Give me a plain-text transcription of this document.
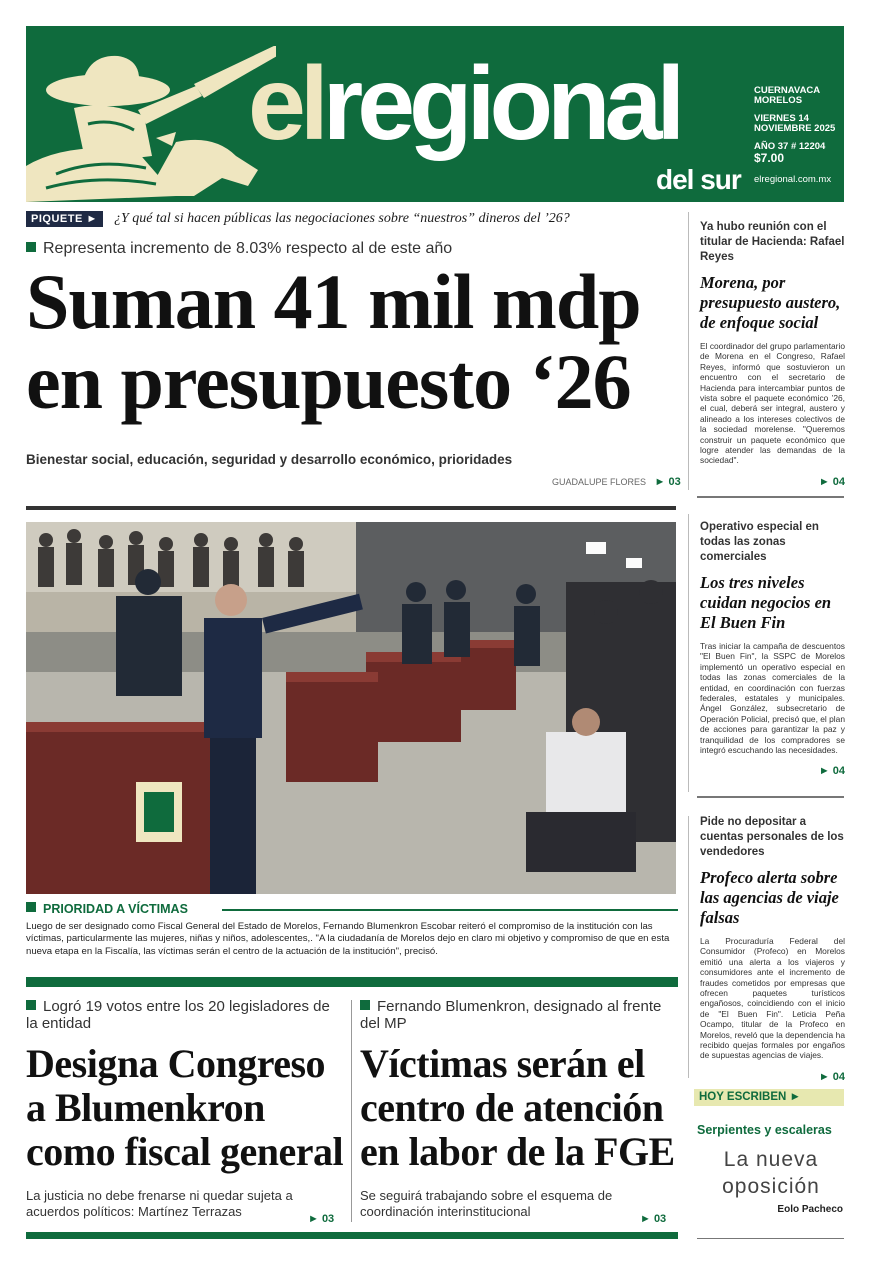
elregional
del sur
CUERNAVACA
MORELOS
VIERNES 14
NOVIEMBRE 2025
AÑO 37 # 12204
$7.00
elregional.com.mx
PIQUETE ►	¿Y qué tal si hacen públicas las negociaciones sobre “nuestros” dineros del ’26?
Representa incremento de 8.03% respecto al de este año
Suman 41 mil mdp
en presupuesto ‘26
Bienestar social, educación, seguridad y desarrollo económico, prioridades
GUADALUPE FLORES ► 03
PRIORIDAD A VÍCTIMAS
Luego de ser designado como Fiscal General del Estado de Morelos, Fernando Blumenkron Escobar reiteró el compromiso de la institución con las víctimas, particularmente las mujeres, niñas y niños, adolescentes,. "A la ciudadanía de Morelos dejo en claro mi objetivo y compromiso de que en esta nueva etapa en la Fiscalía, las víctimas serán el centro de la actuación de la institución", precisó.
Logró 19 votos entre los 20 legisladores de la entidad
Designa Congreso a Blumenkron como fiscal general
La justicia no debe frenarse ni quedar sujeta a acuerdos políticos: Martínez Terrazas	► 03
Fernando Blumenkron, designado al frente del MP
Víctimas serán el centro de atención en labor de la FGE
Se seguirá trabajando sobre el esquema de coordinación interinstitucional	► 03
Ya hubo reunión con el titular de Hacienda: Rafael Reyes
Morena, por presupuesto austero, de enfoque social
El coordinador del grupo parlamentario de Morena en el Congreso, Rafael Reyes, informó que sostuvieron un encuentro con el secretario de Hacienda para intercambiar puntos de vista sobre el paquete económico ’26, el cual, deberá ser integral, austero y alineado a los intereses colectivos de la sociedad morelense. "Queremos construir un paquete económico que logre atender las demandas de la sociedad".
► 04
Operativo especial en todas las zonas comerciales
Los tres niveles cuidan negocios en El Buen Fin
Tras iniciar la campaña de descuentos "El Buen Fin", la SSPC de Morelos implementó un operativo especial en todas las zonas comerciales de la entidad, en coordinación con fuerzas federales, estatales y municipales. Ángel González, subsecretario de Operación Policial, precisó que, el plan de acciones para garantizar la paz y tranquilidad de los compradores se integró escuchando las necesidades.
► 04
Pide no depositar a cuentas personales de los vendedores
Profeco alerta sobre las agencias de viaje falsas
La Procuraduría Federal del Consumidor (Profeco) en Morelos emitió una alerta a los viajeros y consumidores ante el incremento de fraudes cometidos por empresas que ofrecen paquetes turísticos engañosos, coincidiendo con el inicio de "El Buen Fin". Leticia Peña Ocampo, titular de la Profeco en Morelos, reveló que la dependencia ha recibido quejas formales por engaños de supuestas agencias de viajes.
► 04
HOY ESCRIBEN ►
Serpientes y escaleras
La nueva oposición
Eolo Pacheco
